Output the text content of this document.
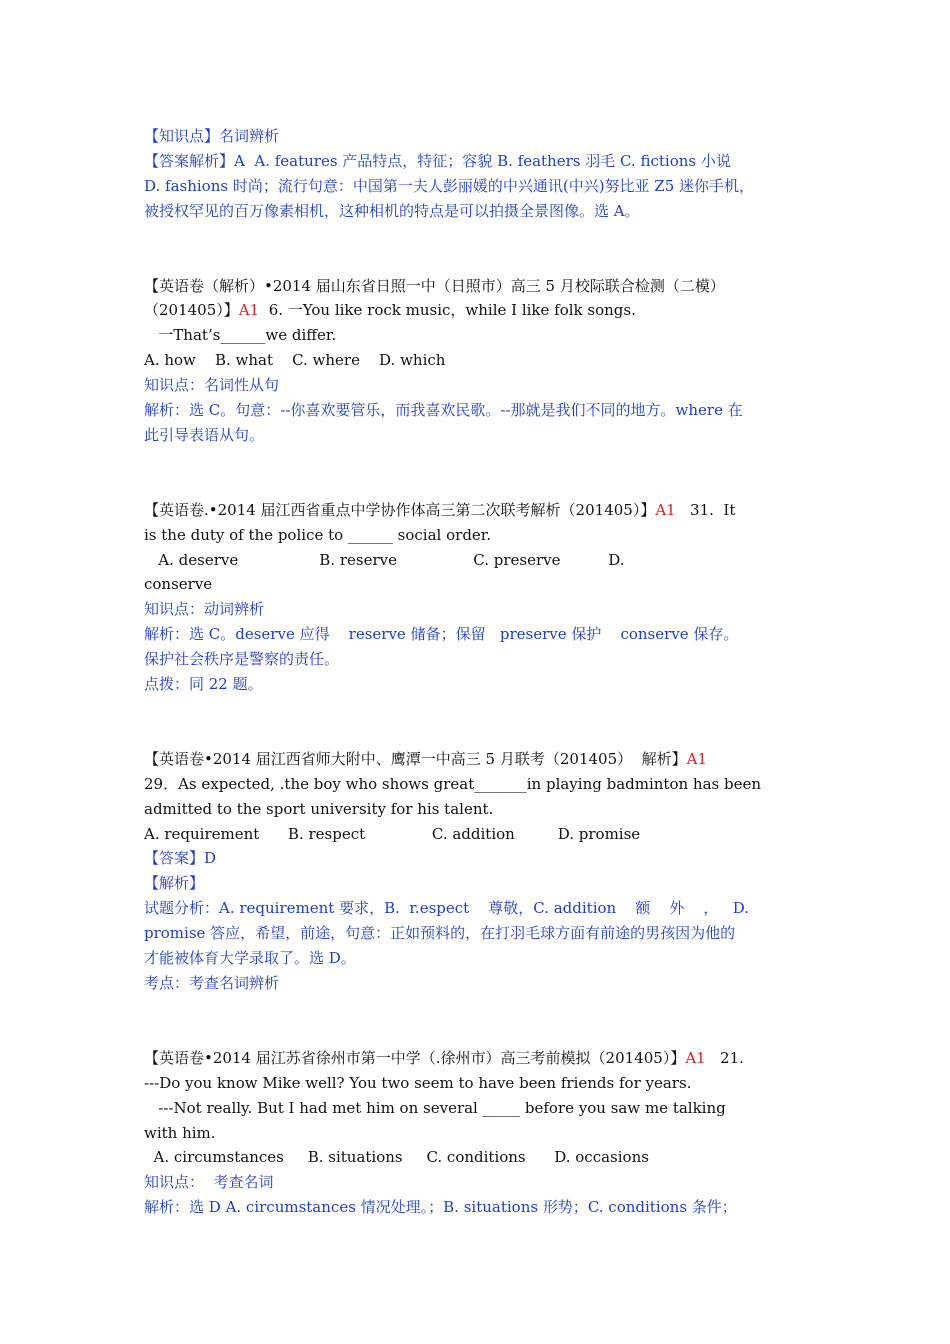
【知识点】名词辨析
【答案解析】A  A. features 产品特点，特征；容貌 B. feathers 羽毛 C. fictions 小说
D. fashions 时尚；流行句意：中国第一夫人彭丽媛的中兴通讯(中兴)努比亚 Z5 迷你手机，
被授权罕见的百万像素相机，这种相机的特点是可以拍摄全景图像。选 A。
【英语卷（解析）•2014 届山东省日照一中（日照市）高三 5 月校际联合检测（二模）
（201405）】A1  6. 一You like rock music，while I like folk songs.
一That’s______we differ.
A. how    B. what    C. where    D. which
知识点：名词性从句
解析：选 C。句意：--你喜欢要管乐，而我喜欢民歌。--那就是我们不同的地方。where 在
此引导表语从句。
【英语卷.•2014 届江西省重点中学协作体高三第二次联考解析（201405）】A1   31.  It
is the duty of the police to ______ social order.
A. deserve                 B. reserve                C. preserve          D.
conserve
知识点：动词辨析
解析：选 C。deserve 应得    reserve 储备；保留   preserve 保护    conserve 保存。
保护社会秩序是警察的责任。
点拨：同 22 题。
【英语卷•2014 届江西省师大附中、鹰潭一中高三 5 月联考（201405）  解析】A1
29．As expected, .the boy who shows great_______in playing badminton has been
admitted to the sport university for his talent.
A. requirement      B. respect              C. addition         D. promise
【答案】D
【解析】
试题分析：A. requirement 要求，B.  r.espect    尊敬，C. addition    额    外    ，   D.
promise 答应，希望，前途，句意：正如预料的，在打羽毛球方面有前途的男孩因为他的
才能被体育大学录取了。选 D。
考点：考查名词辨析
【英语卷•2014 届江苏省徐州市第一中学（.徐州市）高三考前模拟（201405）】A1   21.
---Do you know Mike well? You two seem to have been friends for years.
---Not really. But I had met him on several _____ before you saw me talking
with him.
A. circumstances     B. situations     C. conditions      D. occasions
知识点：  考查名词
解析：选 D A. circumstances 情况处理。；B. situations 形势；C. conditions 条件；
